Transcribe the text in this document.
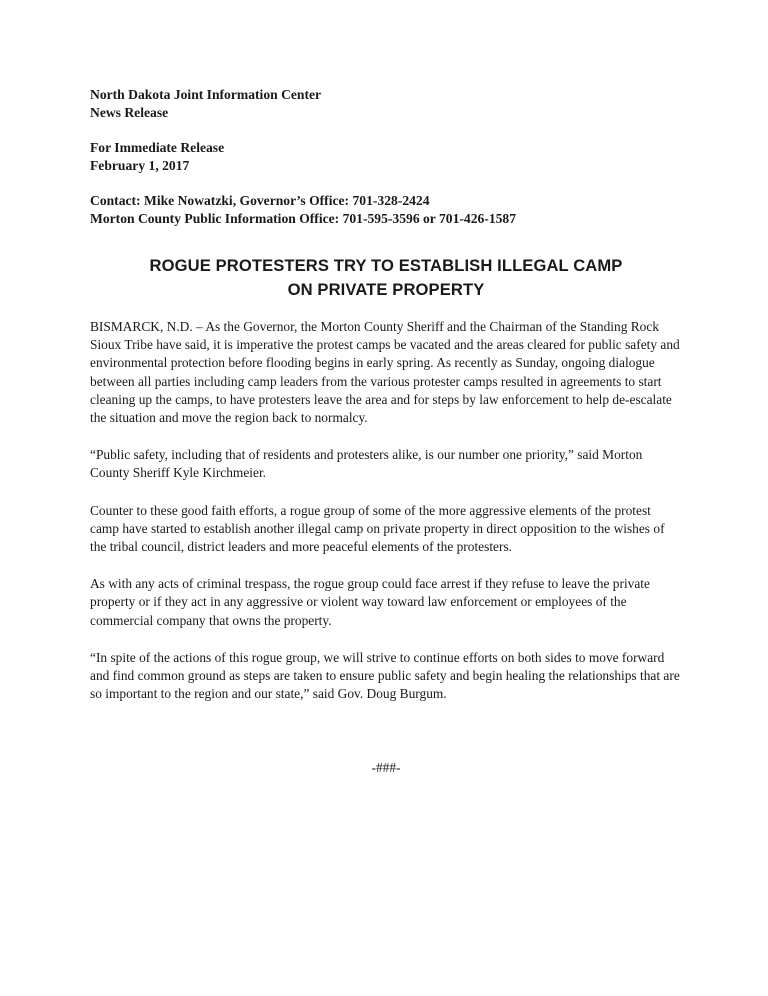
North Dakota Joint Information Center
News Release
For Immediate Release
February 1, 2017
Contact: Mike Nowatzki, Governor’s Office: 701-328-2424
Morton County Public Information Office: 701-595-3596 or 701-426-1587
ROGUE PROTESTERS TRY TO ESTABLISH ILLEGAL CAMP
ON PRIVATE PROPERTY

BISMARCK, N.D. – As the Governor, the Morton County Sheriff and the Chairman of the Standing Rock Sioux Tribe have said, it is imperative the protest camps be vacated and the areas cleared for public safety and environmental protection before flooding begins in early spring. As recently as Sunday, ongoing dialogue between all parties including camp leaders from the various protester camps resulted in agreements to start cleaning up the camps, to have protesters leave the area and for steps by law enforcement to help de-escalate the situation and move the region back to normalcy.

“Public safety, including that of residents and protesters alike, is our number one priority,” said Morton County Sheriff Kyle Kirchmeier.

Counter to these good faith efforts, a rogue group of some of the more aggressive elements of the protest camp have started to establish another illegal camp on private property in direct opposition to the wishes of the tribal council, district leaders and more peaceful elements of the protesters.

As with any acts of criminal trespass, the rogue group could face arrest if they refuse to leave the private property or if they act in any aggressive or violent way toward law enforcement or employees of the commercial company that owns the property.

“In spite of the actions of this rogue group, we will strive to continue efforts on both sides to move forward and find common ground as steps are taken to ensure public safety and begin healing the relationships that are so important to the region and our state,” said Gov. Doug Burgum.

-###-
